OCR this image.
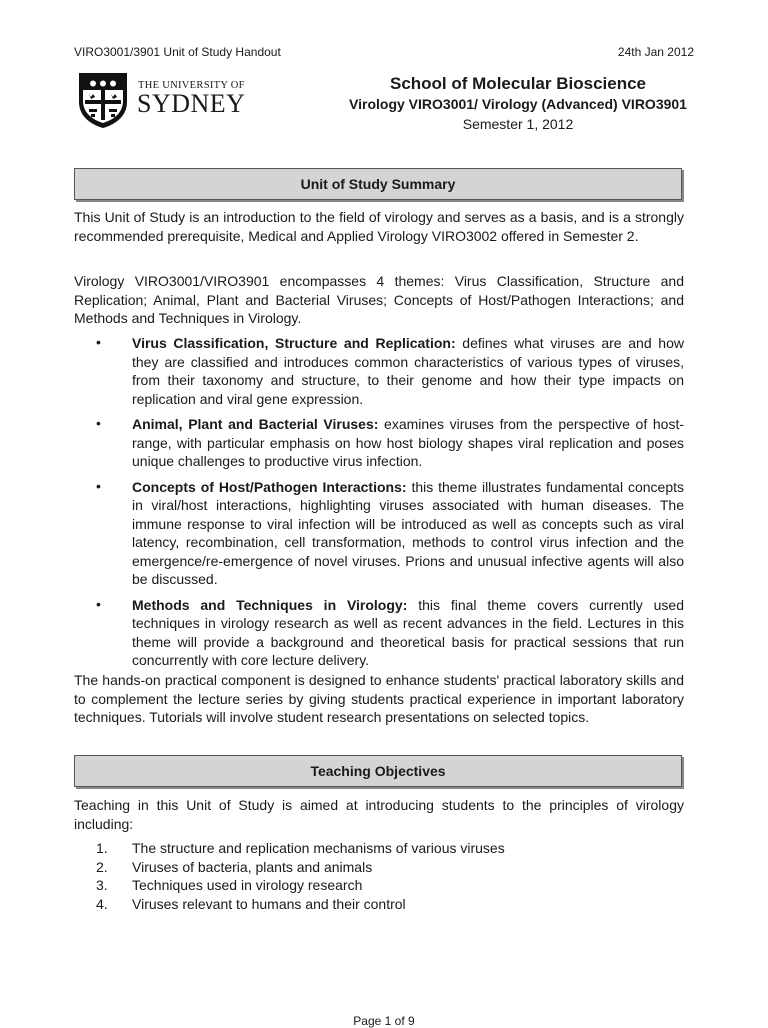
VIRO3001/3901 Unit of Study Handout	24th Jan 2012
THE UNIVERSITY OF
SYDNEY
School of Molecular Bioscience
Virology VIRO3001/ Virology (Advanced) VIRO3901
Semester 1, 2012
Unit of Study Summary
This Unit of Study is an introduction to the field of virology and serves as a basis, and is a strongly recommended prerequisite, Medical and Applied Virology VIRO3002 offered in Semester 2.
Virology VIRO3001/VIRO3901 encompasses 4 themes: Virus Classification, Structure and Replication; Animal, Plant and Bacterial Viruses; Concepts of Host/Pathogen Interactions; and Methods and Techniques in Virology.
• Virus Classification, Structure and Replication: defines what viruses are and how they are classified and introduces common characteristics of various types of viruses, from their taxonomy and structure, to their genome and how their type impacts on replication and viral gene expression.
• Animal, Plant and Bacterial Viruses: examines viruses from the perspective of host-range, with particular emphasis on how host biology shapes viral replication and poses unique challenges to productive virus infection.
• Concepts of Host/Pathogen Interactions: this theme illustrates fundamental concepts in viral/host interactions, highlighting viruses associated with human diseases. The immune response to viral infection will be introduced as well as concepts such as viral latency, recombination, cell transformation, methods to control virus infection and the emergence/re-emergence of novel viruses. Prions and unusual infective agents will also be discussed.
• Methods and Techniques in Virology: this final theme covers currently used techniques in virology research as well as recent advances in the field. Lectures in this theme will provide a background and theoretical basis for practical sessions that run concurrently with core lecture delivery.
The hands-on practical component is designed to enhance students' practical laboratory skills and to complement the lecture series by giving students practical experience in important laboratory techniques. Tutorials will involve student research presentations on selected topics.
Teaching Objectives
Teaching in this Unit of Study is aimed at introducing students to the principles of virology including:
1. The structure and replication mechanisms of various viruses
2. Viruses of bacteria, plants and animals
3. Techniques used in virology research
4. Viruses relevant to humans and their control
Page 1 of 9
